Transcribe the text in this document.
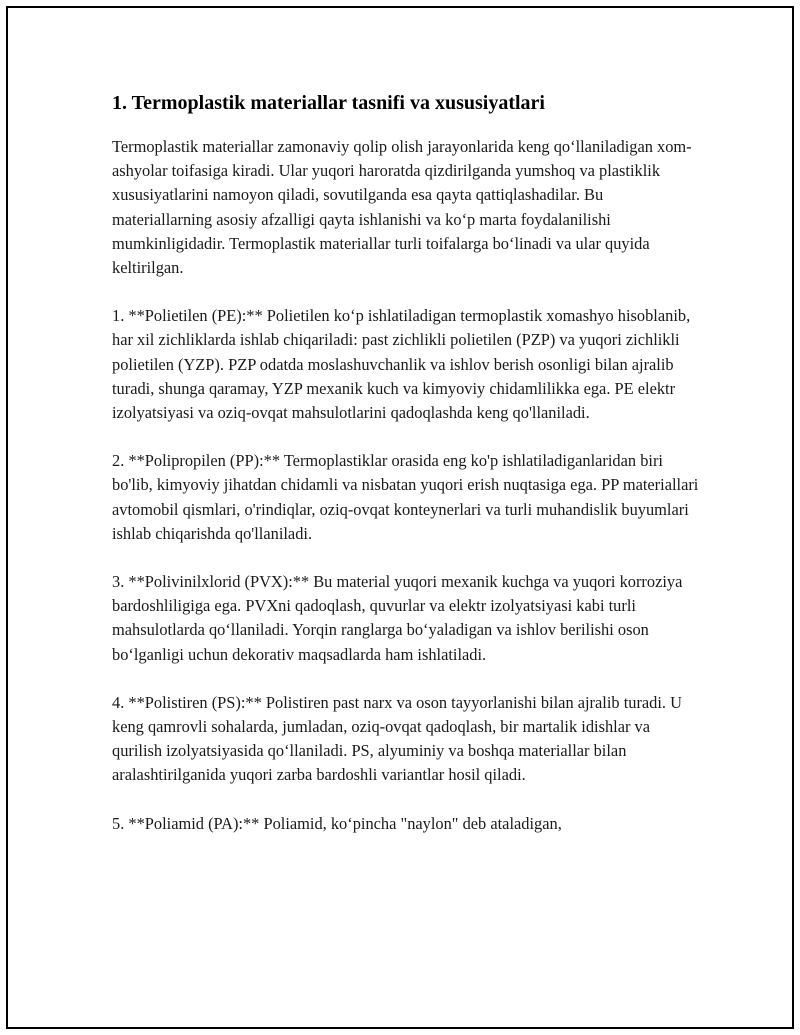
1. Termoplastik materiallar tasnifi va xususiyatlari

Termoplastik materiallar zamonaviy qolip olish jarayonlarida keng qo‘llaniladigan xom-ashyolar toifasiga kiradi. Ular yuqori haroratda qizdirilganda yumshoq va plastiklik xususiyatlarini namoyon qiladi, sovutilganda esa qayta qattiqlashadilar. Bu materiallarning asosiy afzalligi qayta ishlanishi va ko‘p marta foydalanilishi mumkinligidadir. Termoplastik materiallar turli toifalarga bo‘linadi va ular quyida keltirilgan.

1. **Polietilen (PE):** Polietilen ko‘p ishlatiladigan termoplastik xomashyo hisoblanib, har xil zichliklarda ishlab chiqariladi: past zichlikli polietilen (PZP) va yuqori zichlikli polietilen (YZP). PZP odatda moslashuvchanlik va ishlov berish osonligi bilan ajralib turadi, shunga qaramay, YZP mexanik kuch va kimyoviy chidamlilikka ega. PE elektr izolyatsiyasi va oziq-ovqat mahsulotlarini qadoqlashda keng qo'llaniladi.

2. **Polipropilen (PP):** Termoplastiklar orasida eng ko'p ishlatiladiganlaridan biri bo'lib, kimyoviy jihatdan chidamli va nisbatan yuqori erish nuqtasiga ega. PP materiallari avtomobil qismlari, o'rindiqlar, oziq-ovqat konteynerlari va turli muhandislik buyumlari ishlab chiqarishda qo'llaniladi.

3. **Polivinilxlorid (PVX):** Bu material yuqori mexanik kuchga va yuqori korroziya bardoshliligiga ega. PVXni qadoqlash, quvurlar va elektr izolyatsiyasi kabi turli mahsulotlarda qo‘llaniladi. Yorqin ranglarga bo‘yaladigan va ishlov berilishi oson bo‘lganligi uchun dekorativ maqsadlarda ham ishlatiladi.

4. **Polistiren (PS):** Polistiren past narx va oson tayyorlanishi bilan ajralib turadi. U keng qamrovli sohalarda, jumladan, oziq-ovqat qadoqlash, bir martalik idishlar va qurilish izolyatsiyasida qo‘llaniladi. PS, alyuminiy va boshqa materiallar bilan aralashtirilganida yuqori zarba bardoshli variantlar hosil qiladi.

5. **Poliamid (PA):** Poliamid, ko‘pincha "naylon" deb ataladigan,
